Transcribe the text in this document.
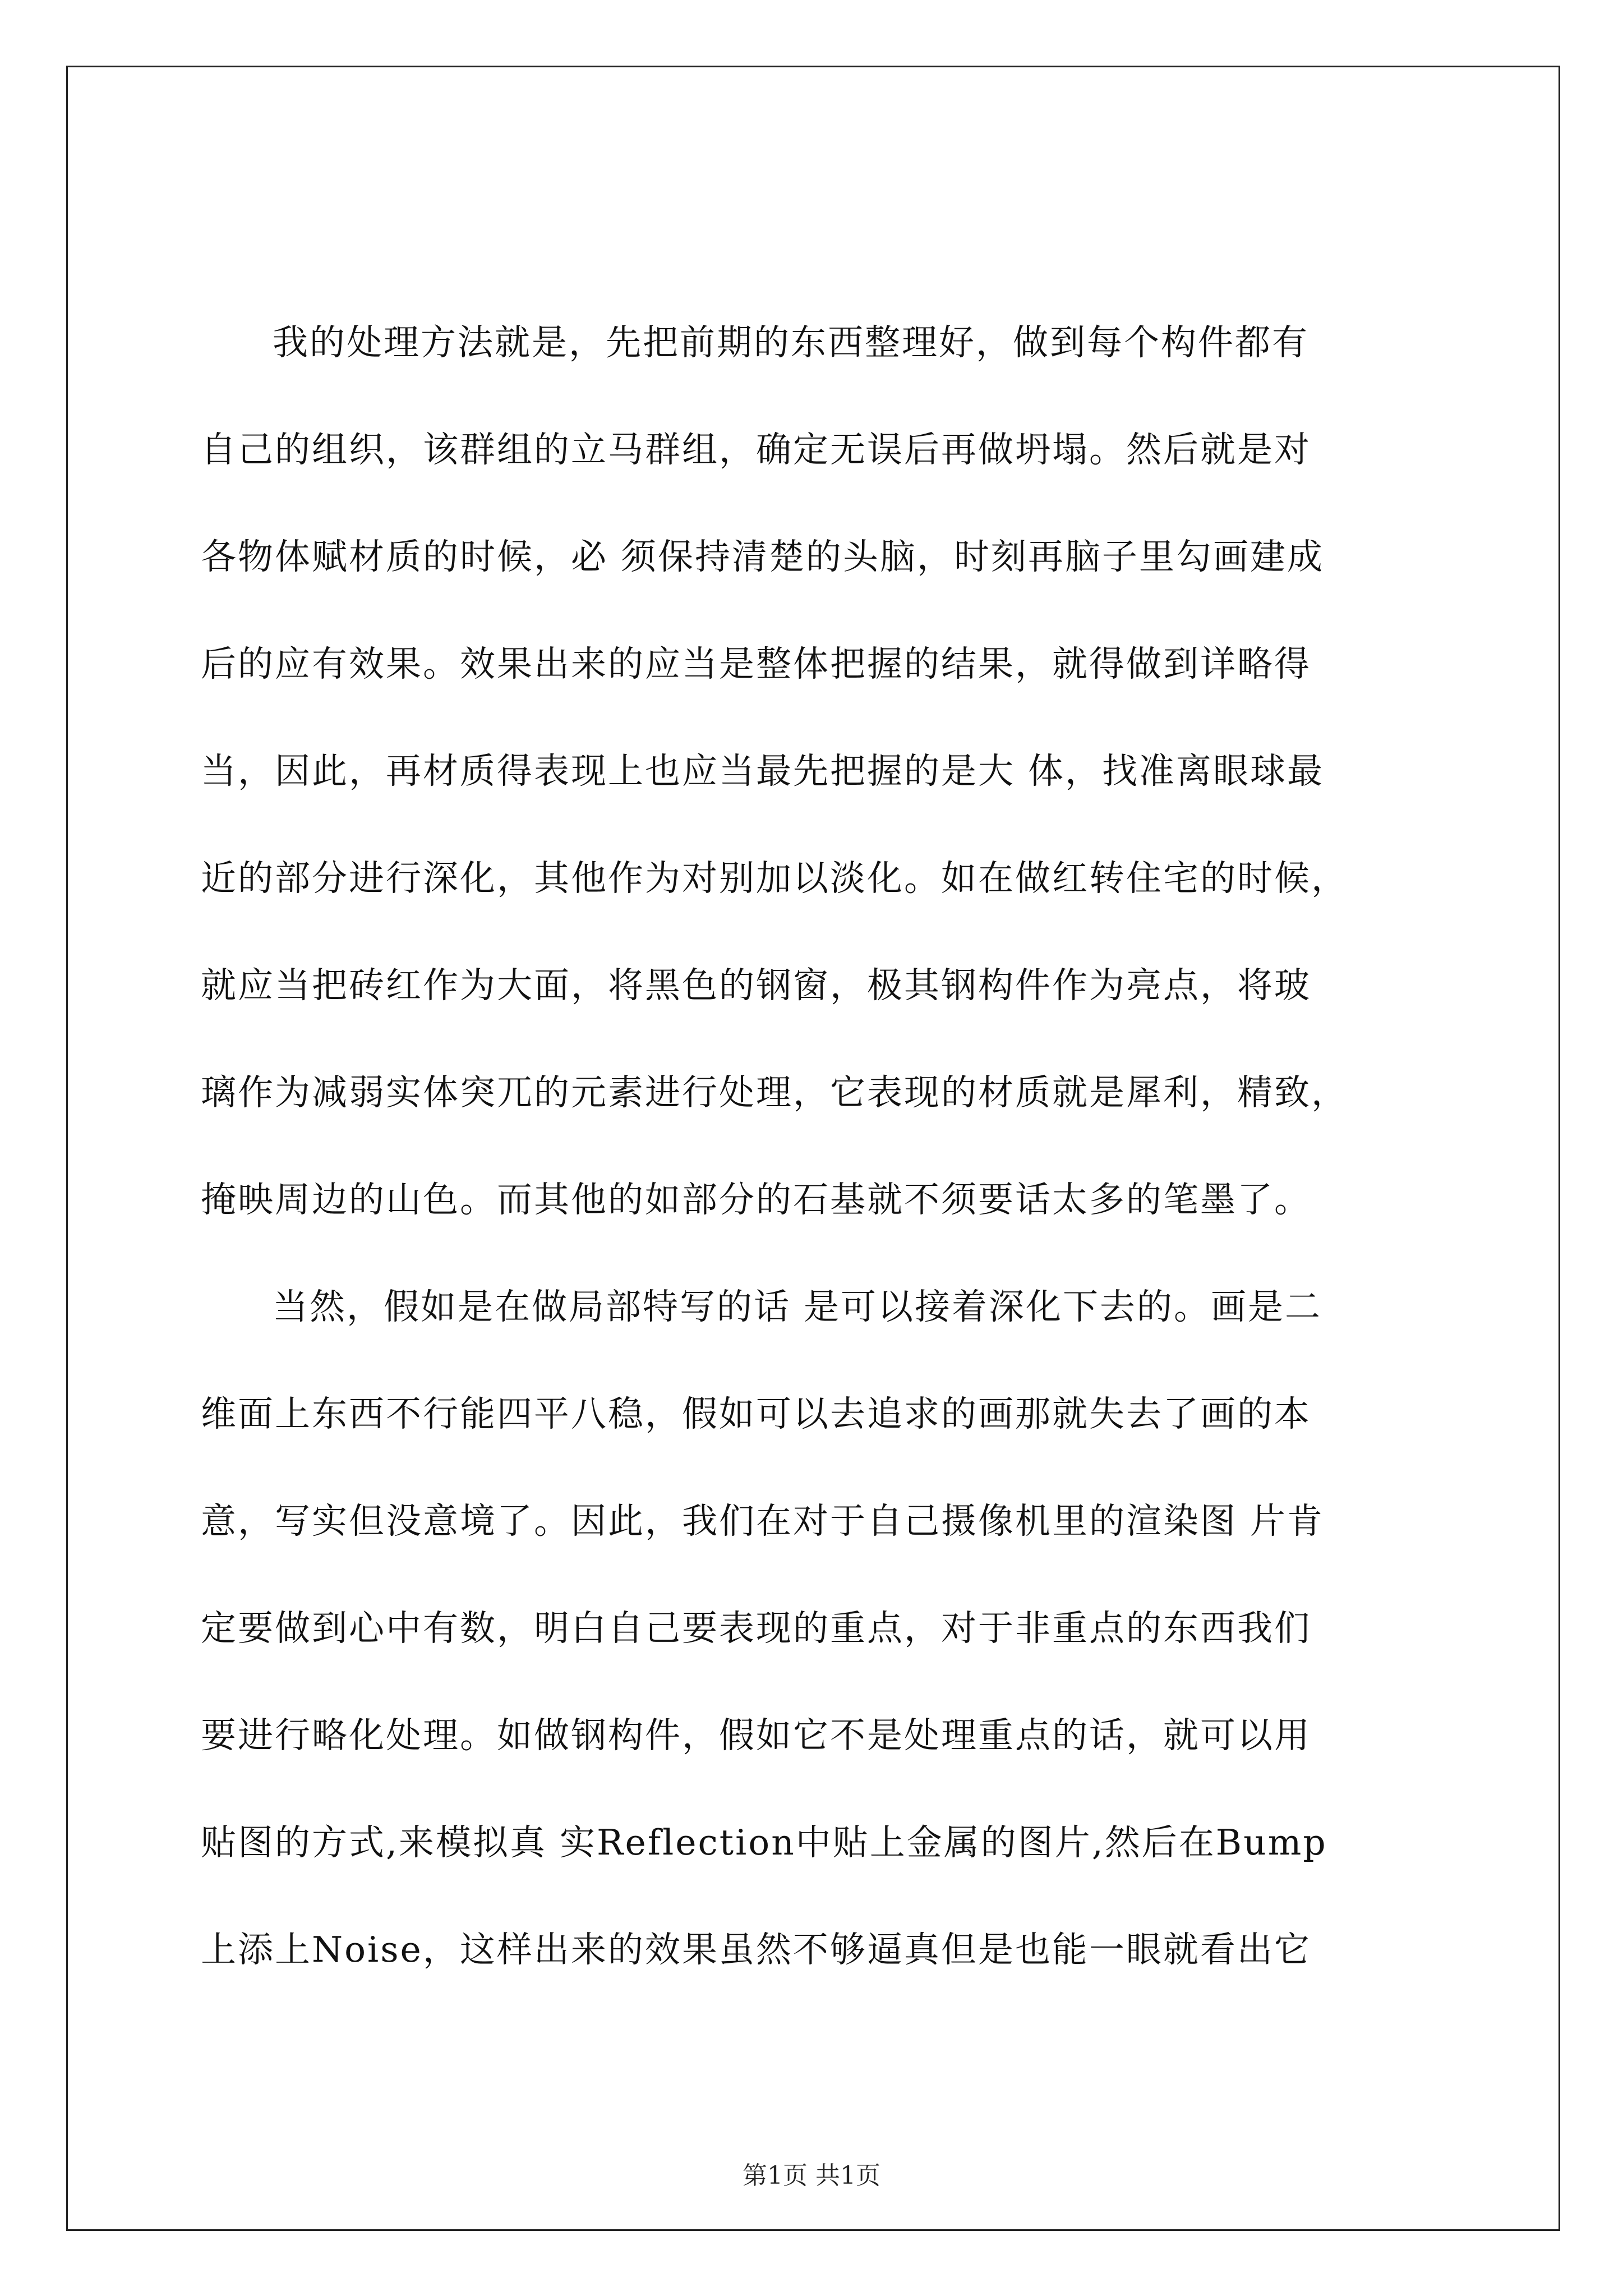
我的处理方法就是，先把前期的东西整理好，做到每个构件都有
自己的组织，该群组的立马群组，确定无误后再做坍塌。然后就是对
各物体赋材质的时候，必 须保持清楚的头脑，时刻再脑子里勾画建成
后的应有效果。效果出来的应当是整体把握的结果，就得做到详略得
当，因此，再材质得表现上也应当最先把握的是大 体，找准离眼球最
近的部分进行深化，其他作为对别加以淡化。如在做红转住宅的时候，
就应当把砖红作为大面，将黑色的钢窗，极其钢构件作为亮点，将玻
璃作为减弱实体突兀的元素进行处理，它表现的材质就是犀利，精致，
掩映周边的山色。而其他的如部分的石基就不须要话太多的笔墨了。
当然，假如是在做局部特写的话 是可以接着深化下去的。画是二
维面上东西不行能四平八稳，假如可以去追求的画那就失去了画的本
意，写实但没意境了。因此，我们在对于自己摄像机里的渲染图 片肯
定要做到心中有数，明白自己要表现的重点，对于非重点的东西我们
要进行略化处理。如做钢构件，假如它不是处理重点的话，就可以用
贴图的方式,来模拟真 实Reflection中贴上金属的图片,然后在Bump
上添上Noise，这样出来的效果虽然不够逼真但是也能一眼就看出它
第1页 共1页
